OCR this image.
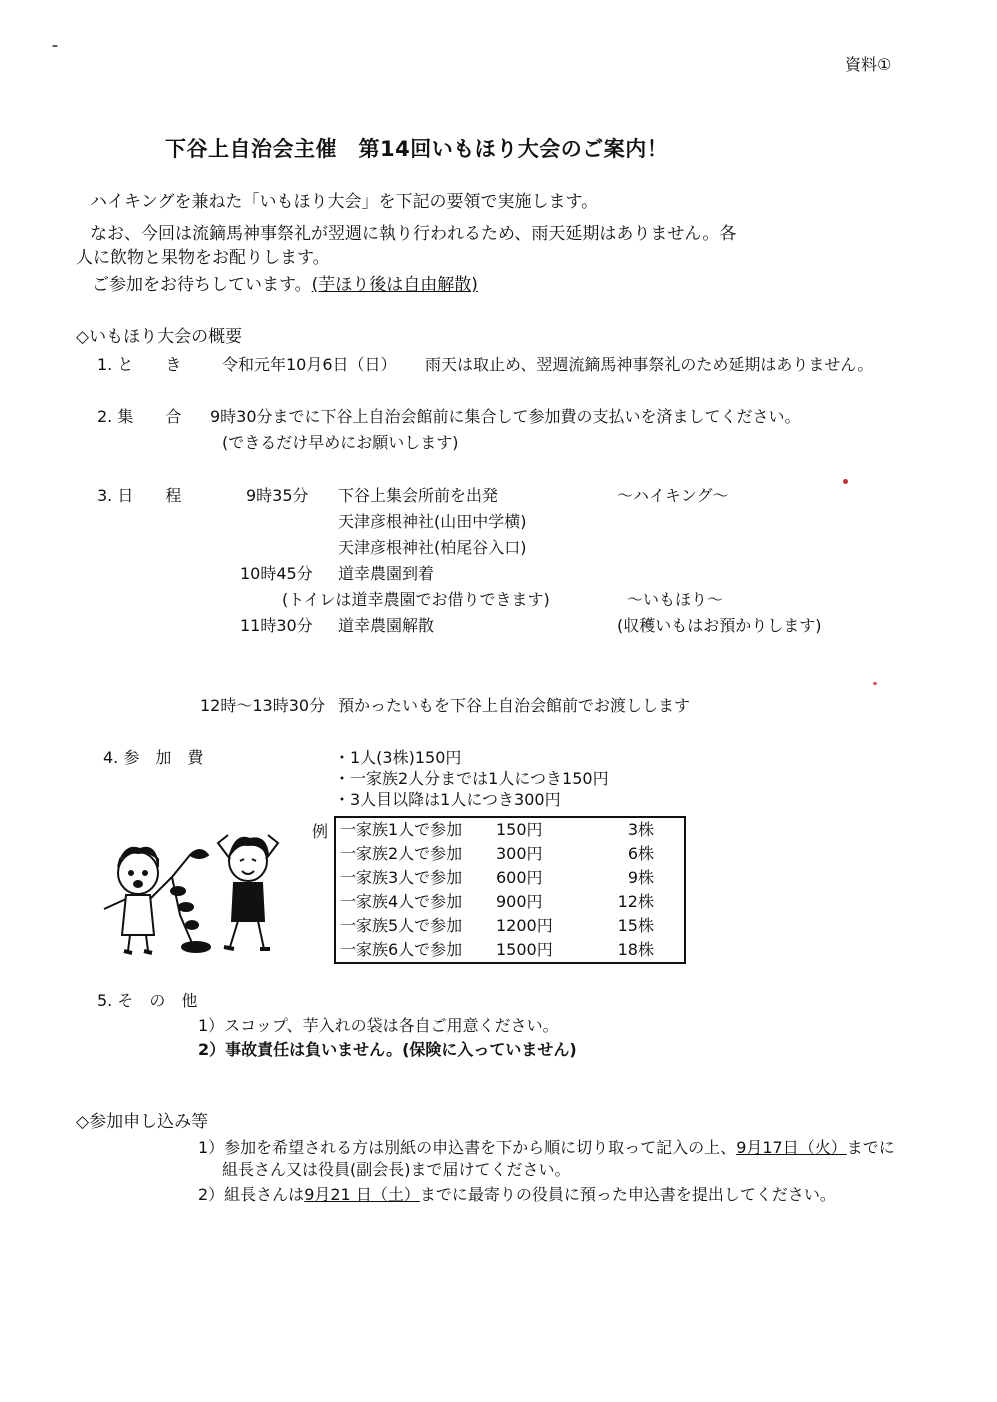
資料①
下谷上自治会主催　第14回いもほり大会のご案内！
ハイキングを兼ねた「いもほり大会」を下記の要領で実施します。
なお、今回は流鏑馬神事祭礼が翌週に執り行われるため、雨天延期はありません。各
人に飲物と果物をお配りします。
ご参加をお待ちしています。(芋ほり後は自由解散)
◇いもほり大会の概要
1. と　　き	令和元年10月6日（日） 雨天は取止め、翌週流鏑馬神事祭礼のため延期はありません。
2. 集　　合 9時30分までに下谷上自治会館前に集合して参加費の支払いを済ましてください。
(できるだけ早めにお願いします)
3. 日　　程	9時35分 下谷上集会所前を出発	～ハイキング～
天津彦根神社(山田中学横)
天津彦根神社(柏尾谷入口)
10時45分 道幸農園到着
(トイレは道幸農園でお借りできます)	～いもほり～
11時30分 道幸農園解散	(収穫いもはお預かりします)
12時～13時30分 預かったいもを下谷上自治会館前でお渡しします
4. 参　加　費	・1人(3株)150円
・一家族2人分までは1人につき150円
・3人目以降は1人につき300円
例 一家族1人で参加	150円	3株
一家族2人で参加	300円	6株
一家族3人で参加	600円	9株
一家族4人で参加	900円	12株
一家族5人で参加	1200円	15株
一家族6人で参加	1500円	18株
5. そ　の　他
1）スコップ、芋入れの袋は各自ご用意ください。
2）事故責任は負いません。(保険に入っていません)
◇参加申し込み等
1）参加を希望される方は別紙の申込書を下から順に切り取って記入の上、9月17日（火）までに
組長さん又は役員(副会長)まで届けてください。
2）組長さんは9月21 日（土）までに最寄りの役員に預った申込書を提出してください。
